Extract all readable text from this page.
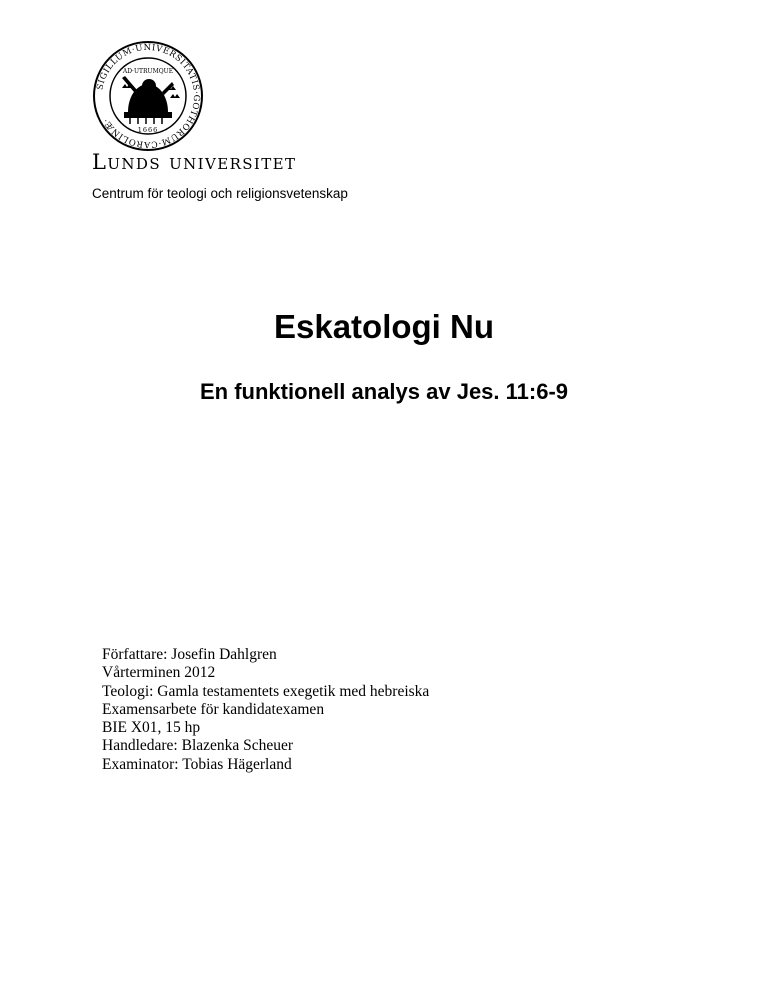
SIGILLUM·UNIVERSITATIS·GOTHORUM·CAROLINÆ·
AD·UTRUMQUE
1666
Lunds universitet
Centrum för teologi och religionsvetenskap
Eskatologi Nu
En funktionell analys av Jes. 11:6-9
Författare: Josefin Dahlgren
Vårterminen 2012
Teologi: Gamla testamentets exegetik med hebreiska
Examensarbete för kandidatexamen
BIE X01, 15 hp
Handledare: Blazenka Scheuer
Examinator: Tobias Hägerland
